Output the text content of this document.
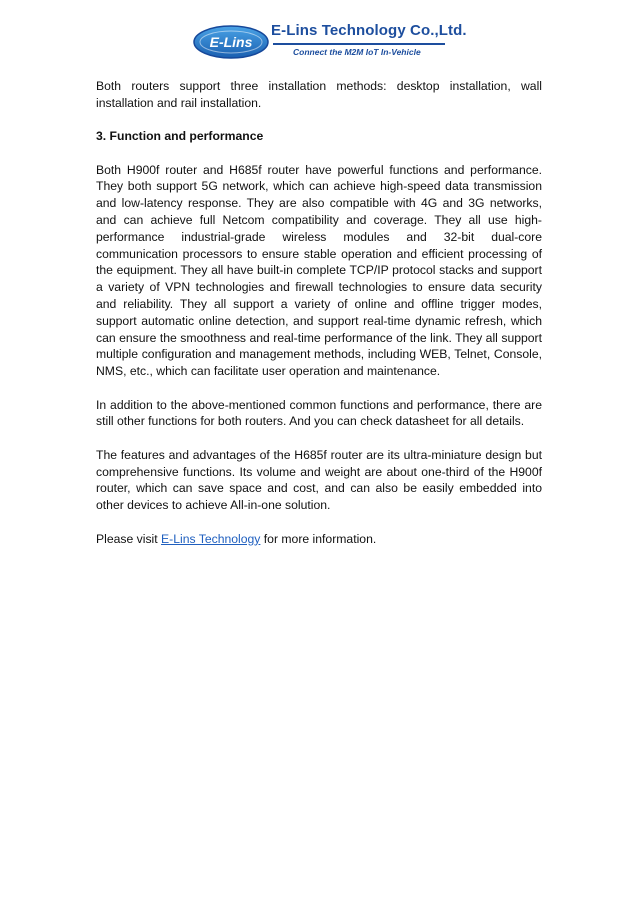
E-Lins
E-Lins Technology Co.,Ltd.
Connect the M2M IoT In-Vehicle

Both routers support three installation methods: desktop installation, wall installation and rail installation.

3. Function and performance

Both H900f router and H685f router have powerful functions and performance. They both support 5G network, which can achieve high-speed data transmission and low-latency response. They are also compatible with 4G and 3G networks, and can achieve full Netcom compatibility and coverage. They all use high-performance industrial-grade wireless modules and 32-bit dual-core communication processors to ensure stable operation and efficient processing of the equipment. They all have built-in complete TCP/IP protocol stacks and support a variety of VPN technologies and firewall technologies to ensure data security and reliability. They all support a variety of online and offline trigger modes, support automatic online detection, and support real-time dynamic refresh, which can ensure the smoothness and real-time performance of the link. They all support multiple configuration and management methods, including WEB, Telnet, Console, NMS, etc., which can facilitate user operation and maintenance.

In addition to the above-mentioned common functions and performance, there are still other functions for both routers. And you can check datasheet for all details.

The features and advantages of the H685f router are its ultra-miniature design but comprehensive functions. Its volume and weight are about one-third of the H900f router, which can save space and cost, and can also be easily embedded into other devices to achieve All-in-one solution.

Please visit E-Lins Technology for more information.
